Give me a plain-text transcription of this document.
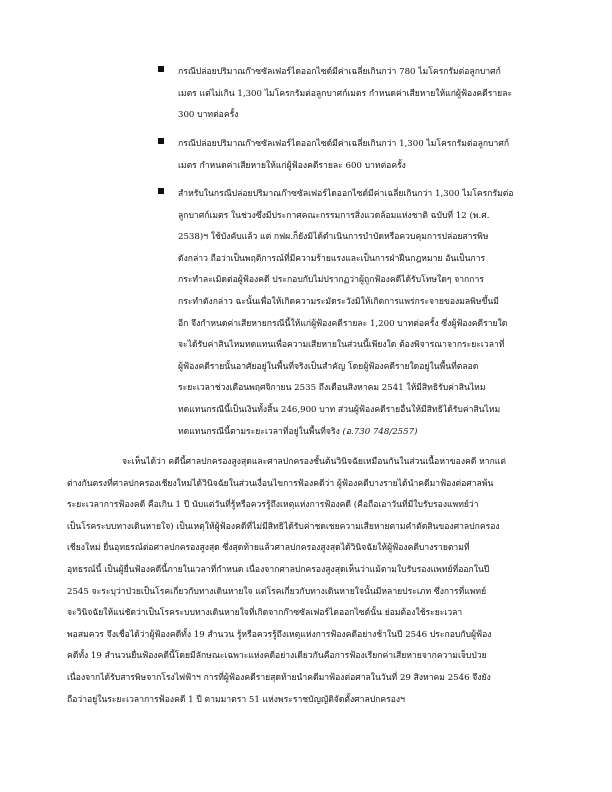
กรณีปล่อยปริมาณก๊าซซัลเฟอร์ไดออกไซด์มีค่าเฉลี่ยเกินกว่า 780 ไมโครกรัมต่อลูกบาศก์
เมตร แต่ไม่เกิน 1,300 ไมโครกรัมต่อลูกบาศก์เมตร กำหนดค่าเสียหายให้แก่ผู้ฟ้องคดีรายละ
300 บาทต่อครั้ง
กรณีปล่อยปริมาณก๊าซซัลเฟอร์ไดออกไซด์มีค่าเฉลี่ยเกินกว่า 1,300 ไมโครกรัมต่อลูกบาศก์
เมตร กำหนดค่าเสียหายให้แก่ผู้ฟ้องคดีรายละ 600 บาทต่อครั้ง
สำหรับในกรณีปล่อยปริมาณก๊าซซัลเฟอร์ไดออกไซด์มีค่าเฉลี่ยเกินกว่า 1,300 ไมโครกรัมต่อ
ลูกบาศก์เมตร ในช่วงซึ่งมีประกาศคณะกรรมการสิ่งแวดล้อมแห่งชาติ ฉบับที่ 12 (พ.ศ.
2538)ฯ ใช้บังคับแล้ว แต่ กฟผ.ก็ยังมิได้ดำเนินการบำบัดหรือควบคุมการปล่อยสารพิษ
ดังกล่าว ถือว่าเป็นพฤติการณ์ที่มีความร้ายแรงและเป็นการฝ่าฝืนกฎหมาย อันเป็นการ
กระทำละเมิดต่อผู้ฟ้องคดี ประกอบกับไม่ปรากฏว่าผู้ถูกฟ้องคดีได้รับโทษใดๆ จากการ
กระทำดังกล่าว ฉะนั้นเพื่อให้เกิดความระมัดระวังมิให้เกิดการแพร่กระจายของมลพิษขึ้นมี
อีก จึงกำหนดค่าเสียหายกรณีนี้ให้แก่ผู้ฟ้องคดีรายละ 1,200 บาทต่อครั้ง ซึ่งผู้ฟ้องคดีรายใด
จะได้รับค่าสินไหมทดแทนเพื่อความเสียหายในส่วนนี้เพียงใด ต้องพิจารณาจากระยะเวลาที่
ผู้ฟ้องคดีรายนั้นอาศัยอยู่ในพื้นที่จริงเป็นสำคัญ โดยผู้ฟ้องคดีรายใดอยู่ในพื้นที่ตลอด
ระยะเวลาช่วงเดือนพฤศจิกายน 2535 ถึงเดือนสิงหาคม 2541 ให้มีสิทธิรับค่าสินไหม
ทดแทนกรณีนี้เป็นเงินทั้งสิ้น 246,900 บาท ส่วนผู้ฟ้องคดีรายอื่นให้มีสิทธิได้รับค่าสินไหม
ทดแทนกรณีนี้ตามระยะเวลาที่อยู่ในพื้นที่จริง (อ.730 748/2557)
จะเห็นได้ว่า คดีนี้ศาลปกครองสูงสุดและศาลปกครองชั้นต้นวินิจฉัยเหมือนกันในส่วนเนื้อหาของคดี หากแต่
ต่างกันตรงที่ศาลปกครองเชียงใหม่ได้วินิจฉัยในส่วนเงื่อนไขการฟ้องคดีว่า ผู้ฟ้องคดีบางรายได้นำคดีมาฟ้องต่อศาลพ้น
ระยะเวลาการฟ้องคดี คือเกิน 1 ปี นับแต่วันที่รู้หรือควรรู้ถึงเหตุแห่งการฟ้องคดี (คือถือเอาวันที่มีใบรับรองแพทย์ว่า
เป็นโรคระบบทางเดินหายใจ) เป็นเหตุให้ผู้ฟ้องคดีที่ไม่มีสิทธิได้รับค่าชดเชยความเสียหายตามคำตัดสินของศาลปกครอง
เชียงใหม่ ยื่นอุทธรณ์ต่อศาลปกครองสูงสุด ซึ่งสุดท้ายแล้วศาลปกครองสูงสุดได้วินิจฉัยให้ผู้ฟ้องคดีบางรายตามที่
อุทธรณ์นี้ เป็นผู้ยื่นฟ้องคดีนี้ภายในเวลาที่กำหนด เนื่องจากศาลปกครองสูงสุดเห็นว่าแม้ตามใบรับรองแพทย์ที่ออกในปี
2545 จะระบุว่าป่วยเป็นโรคเกี่ยวกับทางเดินหายใจ แต่โรคเกี่ยวกับทางเดินหายใจนั้นมีหลายประเภท ซึ่งการที่แพทย์
จะวินิจฉัยให้แน่ชัดว่าเป็นโรคระบบทางเดินหายใจที่เกิดจากก๊าซซัลเฟอร์ไดออกไซด์นั้น ย่อมต้องใช้ระยะเวลา
พอสมควร จึงเชื่อได้ว่าผู้ฟ้องคดีทั้ง 19 สำนวน รู้หรือควรรู้ถึงเหตุแห่งการฟ้องคดีอย่างช้าในปี 2546 ประกอบกับผู้ฟ้อง
คดีทั้ง 19 สำนวนยื่นฟ้องคดีนี้โดยมีลักษณะเฉพาะแห่งคดีอย่างเดียวกันคือการฟ้องเรียกค่าเสียหายจากความเจ็บป่วย
เนื่องจากได้รับสารพิษจากโรงไฟฟ้าฯ การที่ผู้ฟ้องคดีรายสุดท้ายนำคดีมาฟ้องต่อศาลในวันที่ 29 สิงหาคม 2546 จึงยัง
ถือว่าอยู่ในระยะเวลาการฟ้องคดี 1 ปี ตามมาตรา 51 แห่งพระราชบัญญัติจัดตั้งศาลปกครองฯ
